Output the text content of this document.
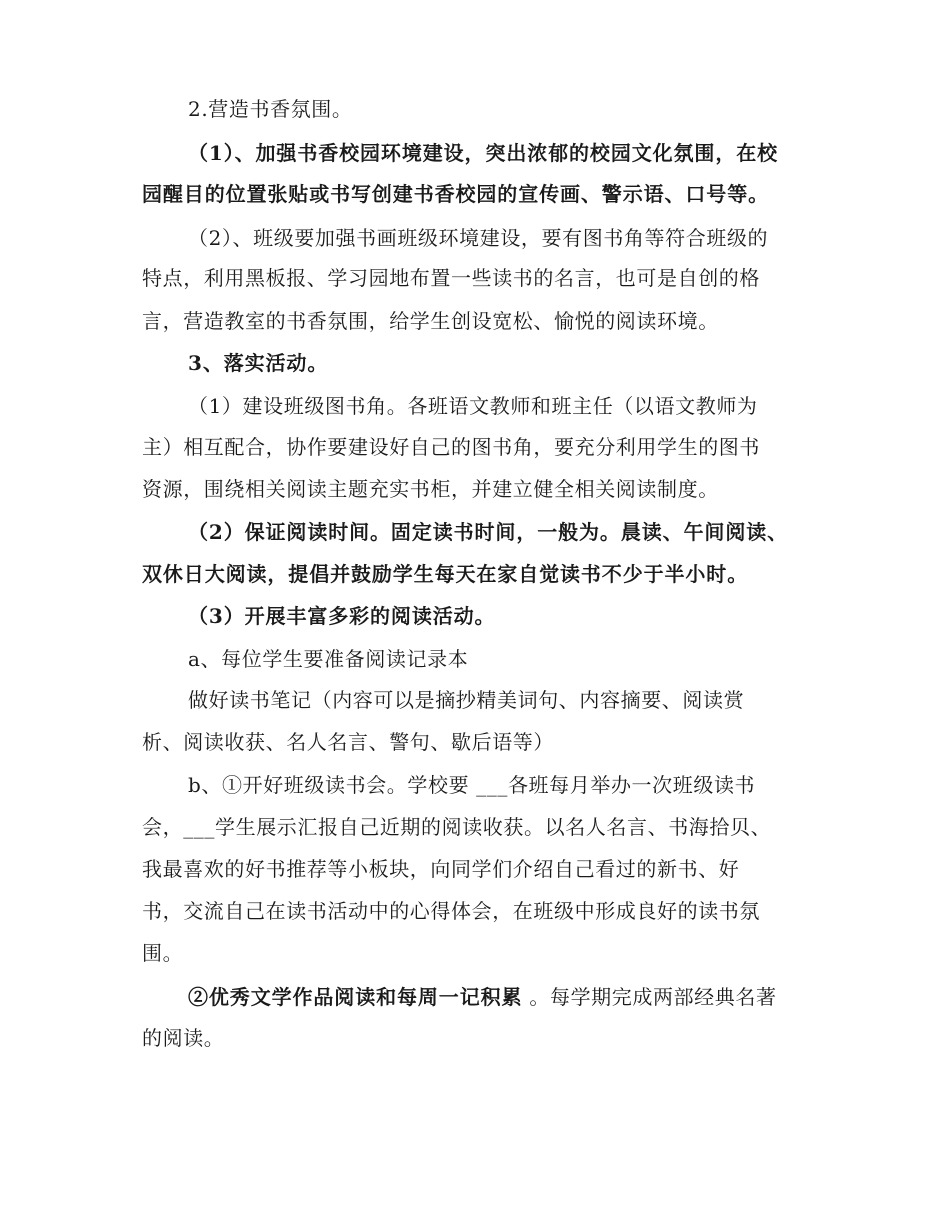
2.营造书香氛围。
（1）、加强书香校园环境建设，突出浓郁的校园文化氛围，在校
园醒目的位置张贴或书写创建书香校园的宣传画、警示语、口号等。
（2）、班级要加强书画班级环境建设，要有图书角等符合班级的
特点，利用黑板报、学习园地布置一些读书的名言，也可是自创的格
言，营造教室的书香氛围，给学生创设宽松、愉悦的阅读环境。
3、落实活动。
（1）建设班级图书角。各班语文教师和班主任（以语文教师为
主）相互配合，协作要建设好自己的图书角，要充分利用学生的图书
资源，围绕相关阅读主题充实书柜，并建立健全相关阅读制度。
（2）保证阅读时间。固定读书时间，一般为。晨读、午间阅读、
双休日大阅读，提倡并鼓励学生每天在家自觉读书不少于半小时。
（3）开展丰富多彩的阅读活动。
a、每位学生要准备阅读记录本
做好读书笔记（内容可以是摘抄精美词句、内容摘要、阅读赏
析、阅读收获、名人名言、警句、歇后语等）
b、①开好班级读书会。学校要 ___各班每月举办一次班级读书
会，___学生展示汇报自己近期的阅读收获。以名人名言、书海拾贝、
我最喜欢的好书推荐等小板块，向同学们介绍自己看过的新书、好
书，交流自己在读书活动中的心得体会，在班级中形成良好的读书氛
围。
②优秀文学作品阅读和每周一记积累 。每学期完成两部经典名著
的阅读。
